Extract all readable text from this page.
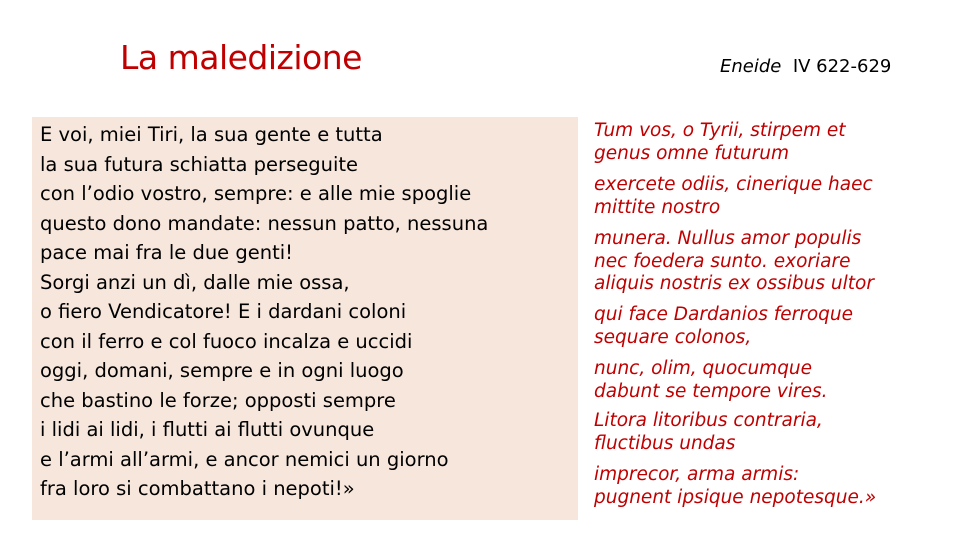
La maledizione	Eneide IV 622-629
E voi, miei Tiri, la sua gente e tutta
la sua futura schiatta perseguite
con l’odio vostro, sempre: e alle mie spoglie
questo dono mandate: nessun patto, nessuna
pace mai fra le due genti!
Sorgi anzi un dì, dalle mie ossa,
o fiero Vendicatore! E i dardani coloni
con il ferro e col fuoco incalza e uccidi
oggi, domani, sempre e in ogni luogo
che bastino le forze; opposti sempre
i lidi ai lidi, i flutti ai flutti ovunque
e l’armi all’armi, e ancor nemici un giorno
fra loro si combattano i nepoti!»
Tum vos, o Tyrii, stirpem et
genus omne futurum
exercete odiis, cinerique haec
mittite nostro
munera. Nullus amor populis
nec foedera sunto. exoriare
aliquis nostris ex ossibus ultor
qui face Dardanios ferroque
sequare colonos,
nunc, olim, quocumque
dabunt se tempore vires.
Litora litoribus contraria,
fluctibus undas
imprecor, arma armis:
pugnent ipsique nepotesque.»
